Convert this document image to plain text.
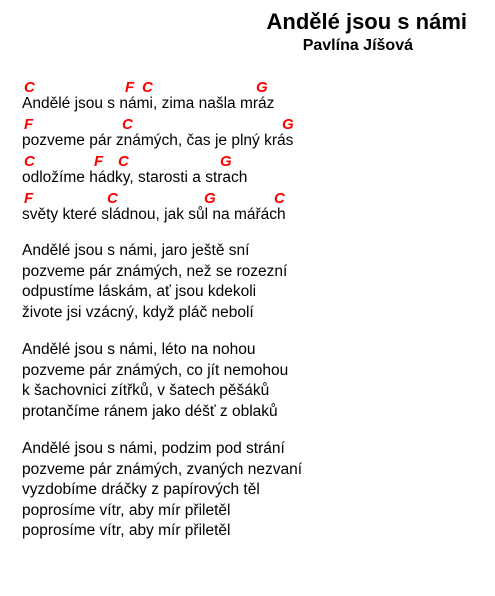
Andělé jsou s námi
Pavlína Jíšová
C	F C	G
Andělé jsou s námi, zima našla mráz
F	C	G
pozveme pár známých, čas je plný krás
C	F C	G
odložíme hádky, starosti a strach
F	C	G	C
světy které sládnou, jak sůl na mářách
Andělé jsou s námi, jaro ještě sní
pozveme pár známých, než se rozezní
odpustíme láskám, ať jsou kdekoli
živote jsi vzácný, když pláč nebolí
Andělé jsou s námi, léto na nohou
pozveme pár známých, co jít nemohou
k šachovnici zítřků, v šatech pěšáků
protančíme ránem jako déšť z oblaků
Andělé jsou s námi, podzim pod strání
pozveme pár známých, zvaných nezvaní
vyzdobíme dráčky z papírových těl
poprosíme vítr, aby mír přiletěl
poprosíme vítr, aby mír přiletěl
